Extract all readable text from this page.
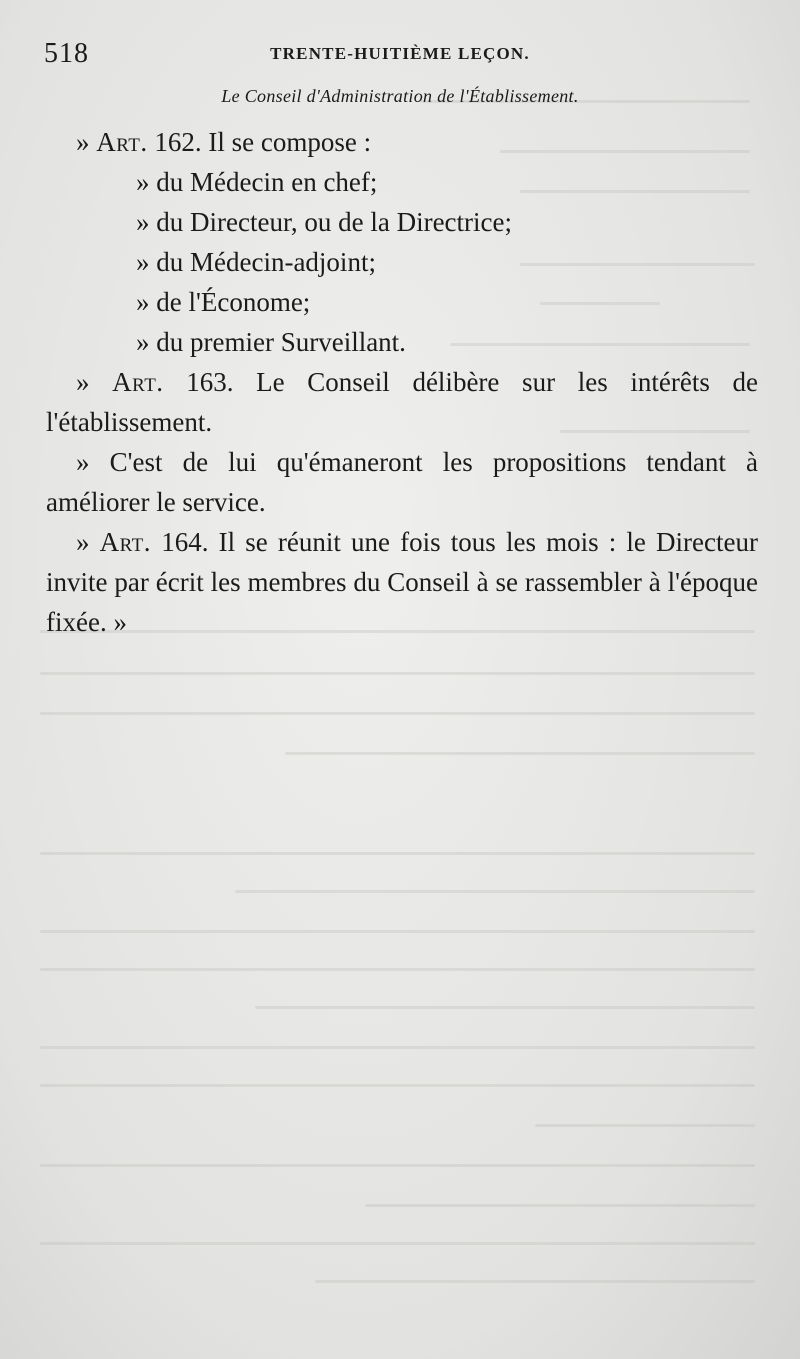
518	TRENTE-HUITIÈME LEÇON.
Le Conseil d'Administration de l'Établissement.

» Art. 162. Il se compose :

» du Médecin en chef;

» du Directeur, ou de la Directrice;

» du Médecin-adjoint;

» de l'Économe;

» du premier Surveillant.

» Art. 163. Le Conseil délibère sur les intérêts de l'établissement.

» C'est de lui qu'émaneront les propositions tendant à améliorer le service.

» Art. 164. Il se réunit une fois tous les mois : le Directeur invite par écrit les membres du Conseil à se rassembler à l'époque fixée. »
